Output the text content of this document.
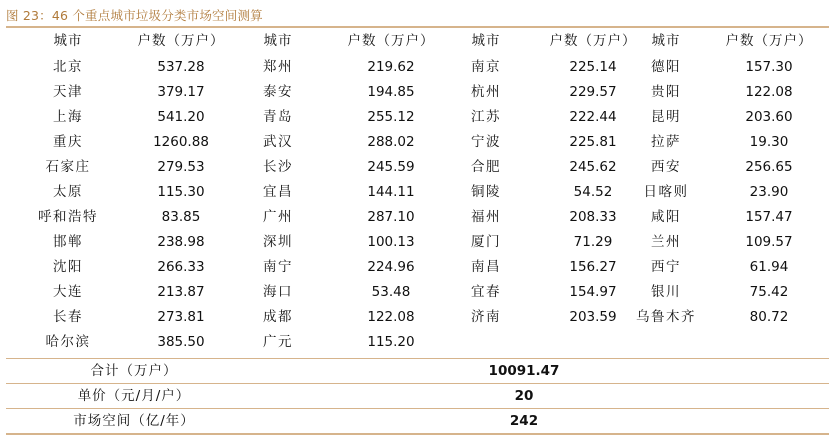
图 23：46 个重点城市垃圾分类市场空间测算
城市	户数（万户）	城市	户数（万户）	城市	户数（万户）	城市	户数（万户）
北京	537.28	郑州	219.62	南京	225.14	德阳	157.30
天津	379.17	泰安	194.85	杭州	229.57	贵阳	122.08
上海	541.20	青岛	255.12	江苏	222.44	昆明	203.60
重庆	1260.88	武汉	288.02	宁波	225.81	拉萨	19.30
石家庄	279.53	长沙	245.59	合肥	245.62	西安	256.65
太原	115.30	宜昌	144.11	铜陵	54.52	日喀则	23.90
呼和浩特	83.85	广州	287.10	福州	208.33	咸阳	157.47
邯郸	238.98	深圳	100.13	厦门	71.29	兰州	109.57
沈阳	266.33	南宁	224.96	南昌	156.27	西宁	61.94
大连	213.87	海口	53.48	宜春	154.97	银川	75.42
长春	273.81	成都	122.08	济南	203.59	乌鲁木齐	80.72
哈尔滨	385.50	广元	115.20
合计（万户）	10091.47
单价（元/月/户）	20
市场空间（亿/年）	242
